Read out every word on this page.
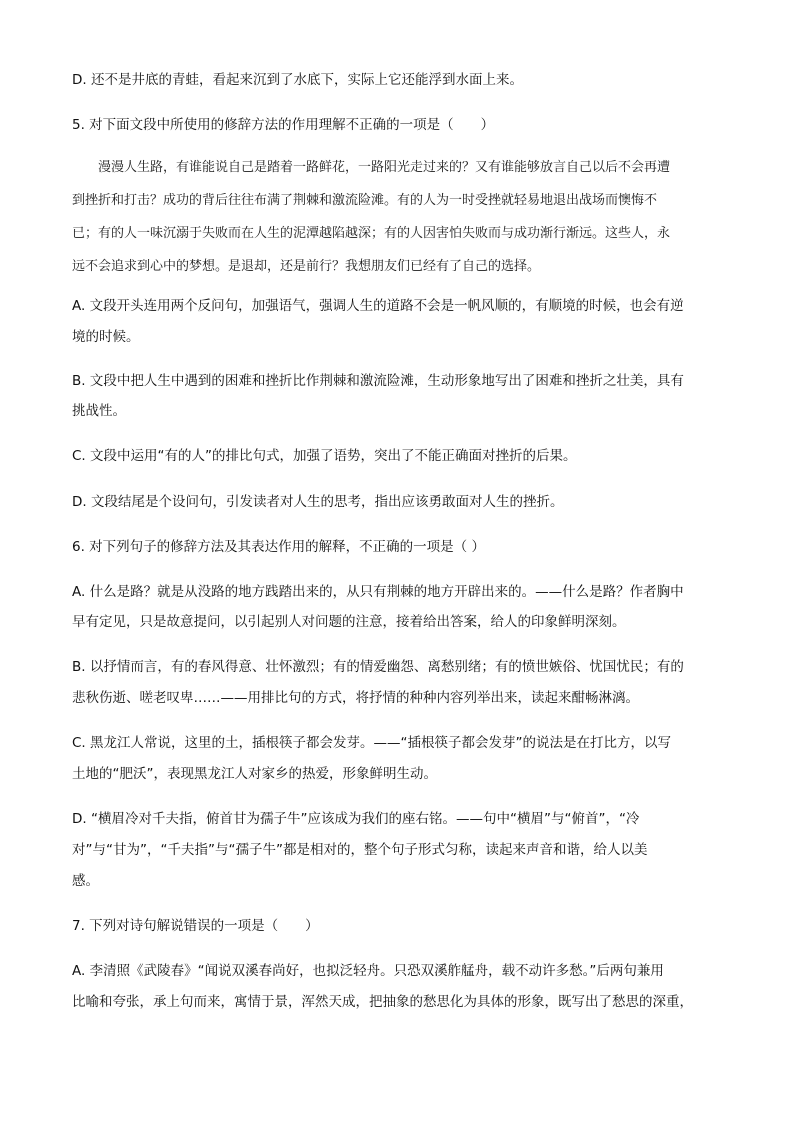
D. 还不是井底的青蛙，看起来沉到了水底下，实际上它还能浮到水面上来。
5. 对下面文段中所使用的修辞方法的作用理解不正确的一项是（　　）
漫漫人生路，有谁能说自己是踏着一路鲜花，一路阳光走过来的？又有谁能够放言自己以后不会再遭
到挫折和打击？成功的背后往往布满了荆棘和激流险滩。有的人为一时受挫就轻易地退出战场而懊悔不
已；有的人一味沉溺于失败而在人生的泥潭越陷越深；有的人因害怕失败而与成功渐行渐远。这些人，永
远不会追求到心中的梦想。是退却，还是前行？我想朋友们已经有了自己的选择。
A. 文段开头连用两个反问句，加强语气，强调人生的道路不会是一帆风顺的，有顺境的时候，也会有逆
境的时候。
B. 文段中把人生中遇到的困难和挫折比作荆棘和激流险滩，生动形象地写出了困难和挫折之壮美，具有
挑战性。
C. 文段中运用“有的人”的排比句式，加强了语势，突出了不能正确面对挫折的后果。
D. 文段结尾是个设问句，引发读者对人生的思考，指出应该勇敢面对人生的挫折。
6. 对下列句子的修辞方法及其表达作用的解释，不正确的一项是（ ）
A. 什么是路？就是从没路的地方践踏出来的，从只有荆棘的地方开辟出来的。——什么是路？作者胸中
早有定见，只是故意提问，以引起别人对问题的注意，接着给出答案，给人的印象鲜明深刻。
B. 以抒情而言，有的春风得意、壮怀激烈；有的情爱幽怨、离愁别绪；有的愤世嫉俗、忧国忧民；有的
悲秋伤逝、嗟老叹卑……——用排比句的方式，将抒情的种种内容列举出来，读起来酣畅淋漓。
C. 黑龙江人常说，这里的土，插根筷子都会发芽。——“插根筷子都会发芽”的说法是在打比方，以写
土地的“肥沃”，表现黑龙江人对家乡的热爱，形象鲜明生动。
D. “横眉冷对千夫指，俯首甘为孺子牛”应该成为我们的座右铭。——句中“横眉”与“俯首”，“冷
对”与“甘为”，“千夫指”与“孺子牛”都是相对的，整个句子形式匀称，读起来声音和谐，给人以美
感。
7. 下列对诗句解说错误的一项是（　　）
A. 李清照《武陵春》“闻说双溪春尚好，也拟泛轻舟。只恐双溪舴艋舟，载不动许多愁。”后两句兼用
比喻和夸张，承上句而来，寓情于景，浑然天成，把抽象的愁思化为具体的形象，既写出了愁思的深重，
